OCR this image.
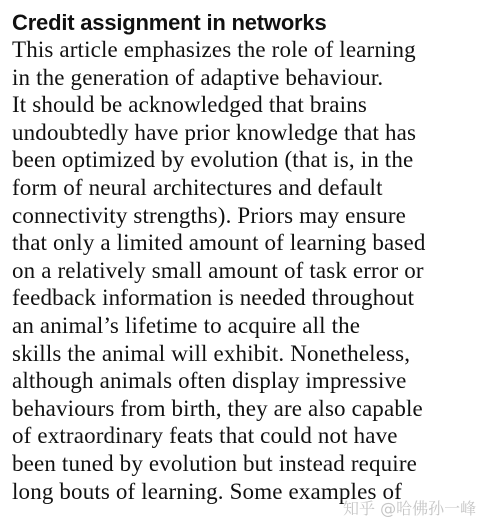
Credit assignment in networks
This article emphasizes the role of learning
in the generation of adaptive behaviour.
It should be acknowledged that brains
undoubtedly have prior knowledge that has
been optimized by evolution (that is, in the
form of neural architectures and default
connectivity strengths). Priors may ensure
that only a limited amount of learning based
on a relatively small amount of task error or
feedback information is needed throughout
an animal’s lifetime to acquire all the
skills the animal will exhibit. Nonetheless,
although animals often display impressive
behaviours from birth, they are also capable
of extraordinary feats that could not have
been tuned by evolution but instead require
long bouts of learning. Some examples of
知乎 @哈佛孙一峰
